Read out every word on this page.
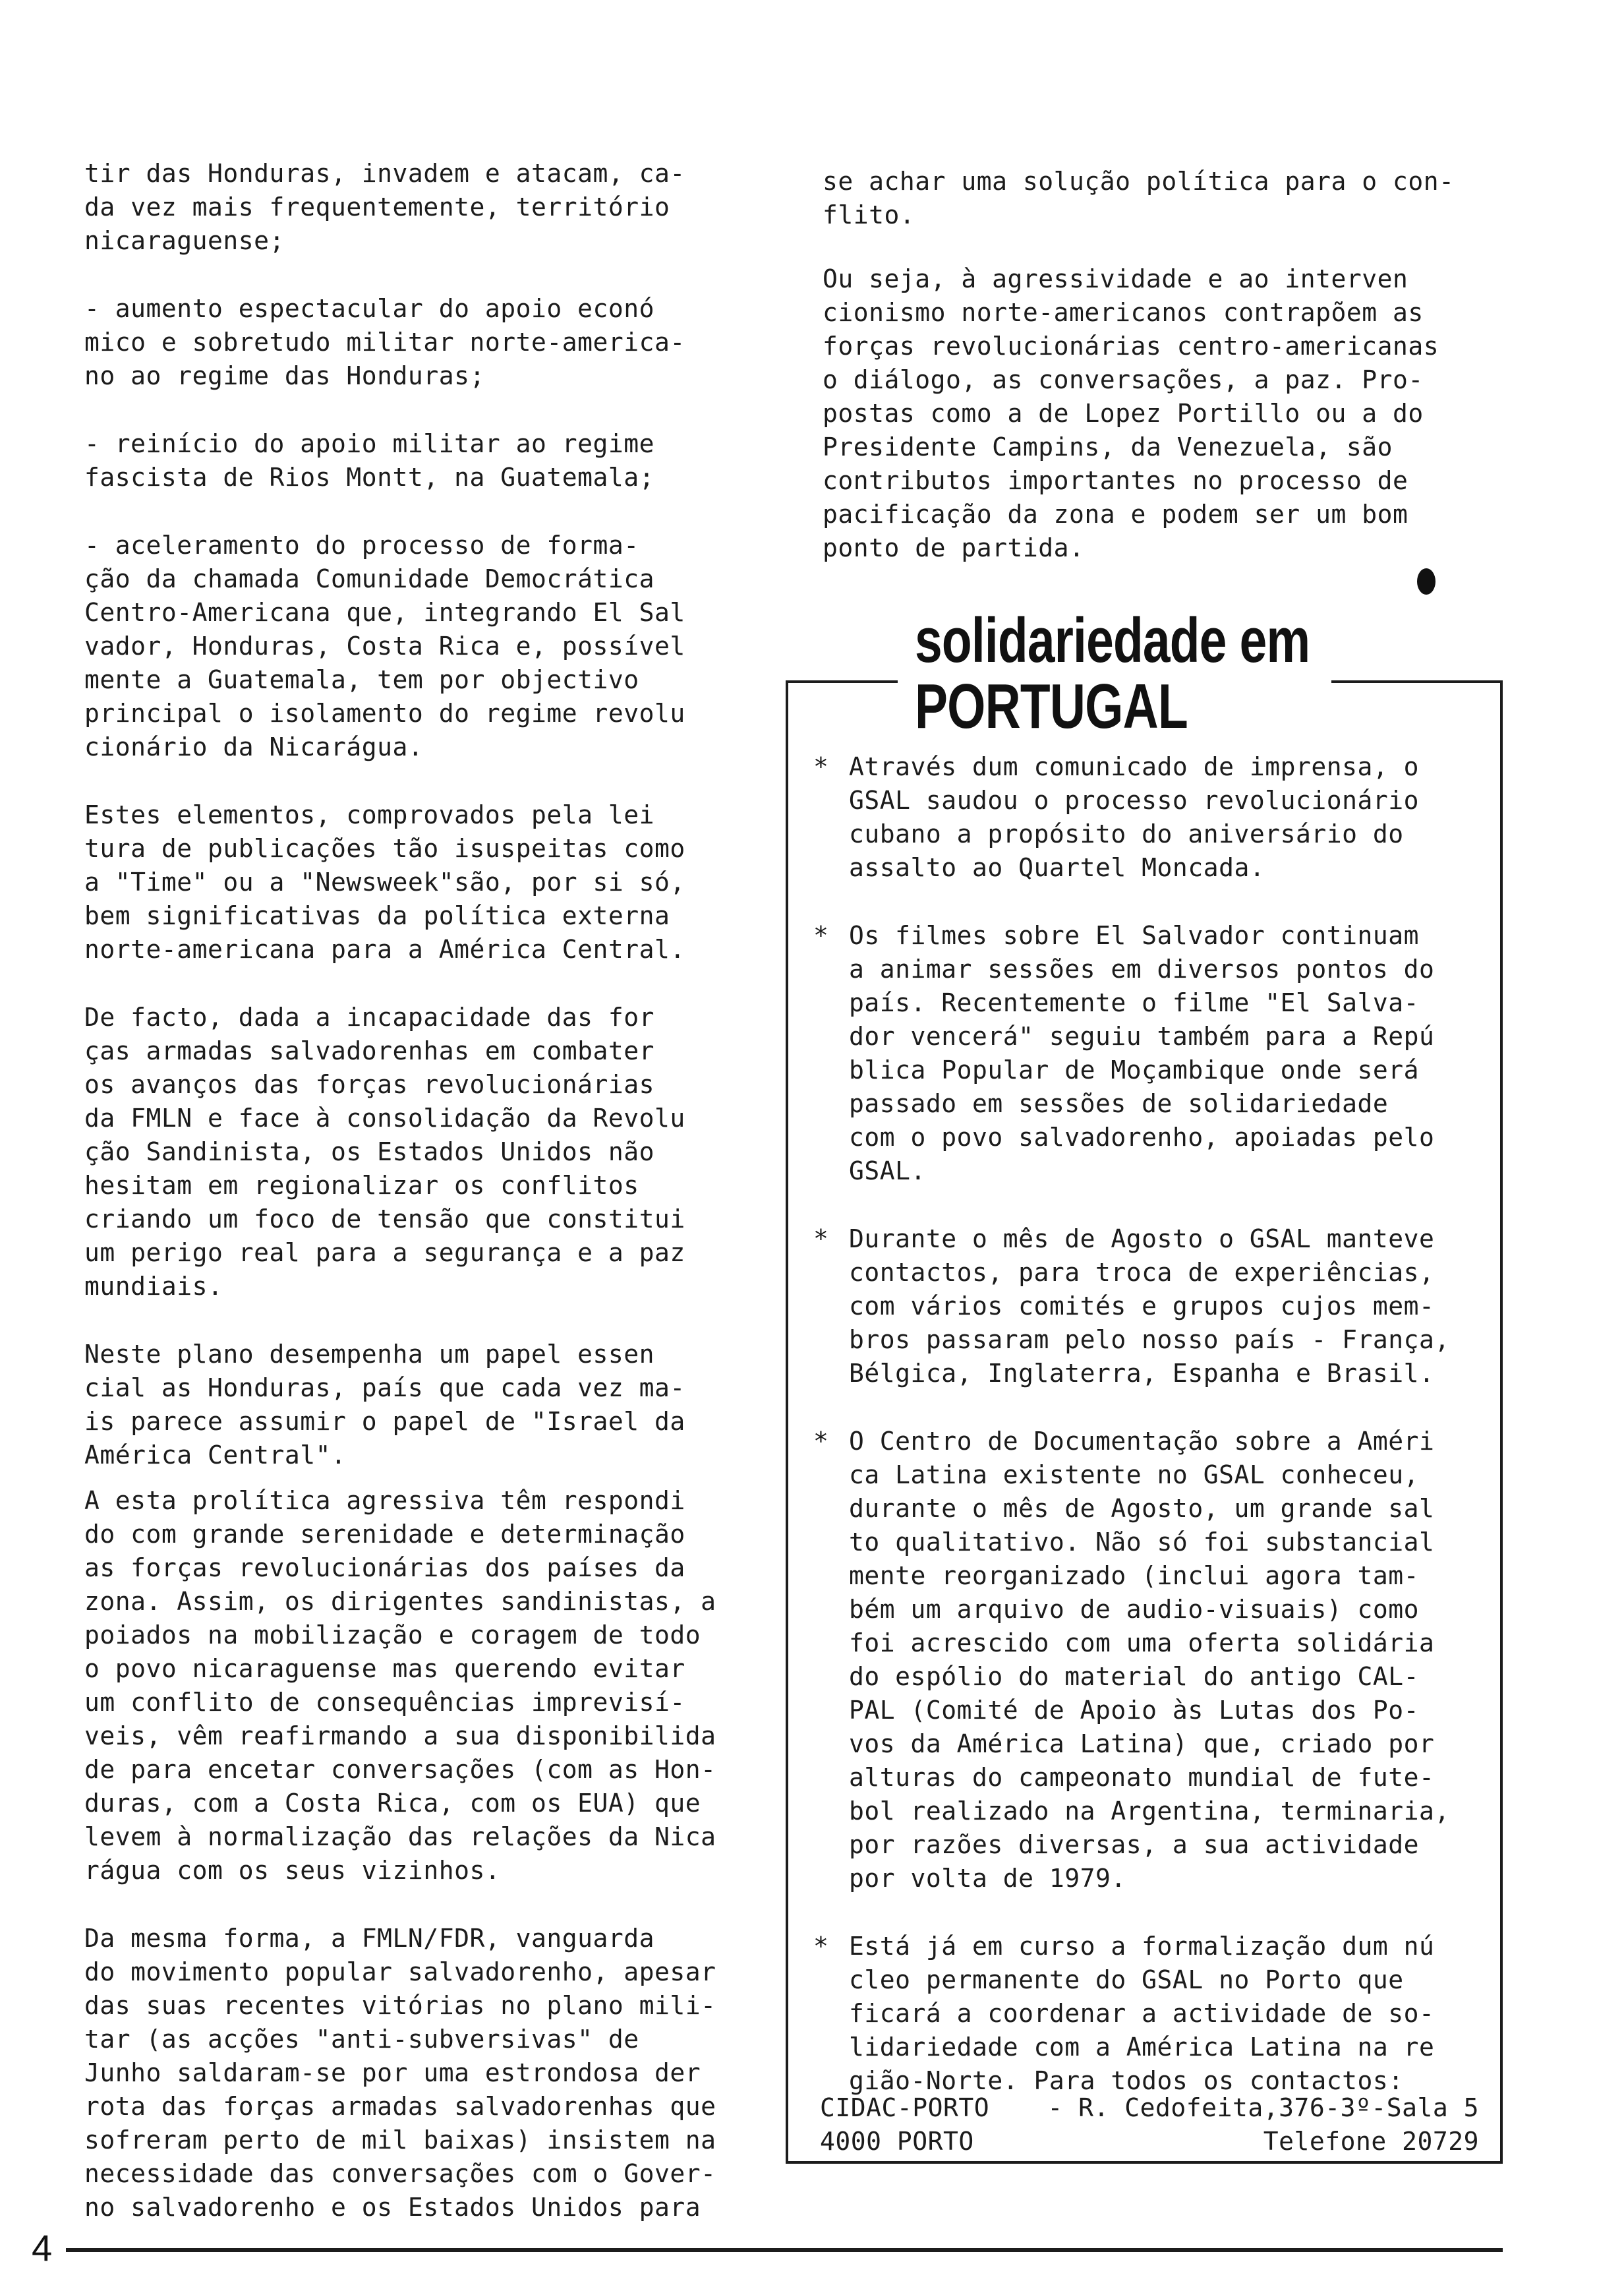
tir das Honduras, invadem e atacam, ca-
da vez mais frequentemente, território
nicaraguense;

- aumento espectacular do apoio econó
mico e sobretudo militar norte-america-
no ao regime das Honduras;

- reinício do apoio militar ao regime
fascista de Rios Montt, na Guatemala;

- aceleramento do processo de forma-
ção da chamada Comunidade Democrática
Centro-Americana que, integrando El Sal
vador, Honduras, Costa Rica e, possível
mente a Guatemala, tem por objectivo
principal o isolamento do regime revolu
cionário da Nicarágua.

Estes elementos, comprovados pela lei
tura de publicações tão isuspeitas como
a "Time" ou a "Newsweek"são, por si só,
bem significativas da política externa
norte-americana para a América Central.

De facto, dada a incapacidade das for
ças armadas salvadorenhas em combater
os avanços das forças revolucionárias
da FMLN e face à consolidação da Revolu
ção Sandinista, os Estados Unidos não
hesitam em regionalizar os conflitos
criando um foco de tensão que constitui
um perigo real para a segurança e a paz
mundiais.

Neste plano desempenha um papel essen
cial as Honduras, país que cada vez ma-
is parece assumir o papel de "Israel da
América Central".

A esta prolítica agressiva têm respondi
do com grande serenidade e determinação
as forças revolucionárias dos países da
zona. Assim, os dirigentes sandinistas, a
poiados na mobilização e coragem de todo
o povo nicaraguense mas querendo evitar
um conflito de consequências imprevisí-
veis, vêm reafirmando a sua disponibilida
de para encetar conversações (com as Hon-
duras, com a Costa Rica, com os EUA) que
levem à normalização das relações da Nica
rágua com os seus vizinhos.

Da mesma forma, a FMLN/FDR, vanguarda
do movimento popular salvadorenho, apesar
das suas recentes vitórias no plano mili-
tar (as acções "anti-subversivas" de
Junho saldaram-se por uma estrondosa der
rota das forças armadas salvadorenhas que
sofreram perto de mil baixas) insistem na
necessidade das conversações com o Gover-
no salvadorenho e os Estados Unidos para

se achar uma solução política para o con-
flito.

Ou seja, à agressividade e ao interven
cionismo norte-americanos contrapõem as
forças revolucionárias centro-americanas
o diálogo, as conversações, a paz. Pro-
postas como a de Lopez Portillo ou a do
Presidente Campins, da Venezuela, são
contributos importantes no processo de
pacificação da zona e podem ser um bom
ponto de partida.

solidariedade em
PORTUGAL
* Através dum comunicado de imprensa, o
GSAL saudou o processo revolucionário
cubano a propósito do aniversário do
assalto ao Quartel Moncada.
* Os filmes sobre El Salvador continuam
a animar sessões em diversos pontos do
país. Recentemente o filme "El Salva-
dor vencerá" seguiu também para a Repú
blica Popular de Moçambique onde será
passado em sessões de solidariedade
com o povo salvadorenho, apoiadas pelo
GSAL.
* Durante o mês de Agosto o GSAL manteve
contactos, para troca de experiências,
com vários comités e grupos cujos mem-
bros passaram pelo nosso país - França,
Bélgica, Inglaterra, Espanha e Brasil.
* O Centro de Documentação sobre a Améri
ca Latina existente no GSAL conheceu,
durante o mês de Agosto, um grande sal
to qualitativo. Não só foi substancial
mente reorganizado (inclui agora tam-
bém um arquivo de audio-visuais) como
foi acrescido com uma oferta solidária
do espólio do material do antigo CAL-
PAL (Comité de Apoio às Lutas dos Po-
vos da América Latina) que, criado por
alturas do campeonato mundial de fute-
bol realizado na Argentina, terminaria,
por razões diversas, a sua actividade
por volta de 1979.
* Está já em curso a formalização dum nú
cleo permanente do GSAL no Porto que
ficará a coordenar a actividade de so-
lidariedade com a América Latina na re
gião-Norte. Para todos os contactos:
CIDAC-PORTO - R. Cedofeita,376-3º-Sala 5
4000 PORTO	Telefone 20729
4
